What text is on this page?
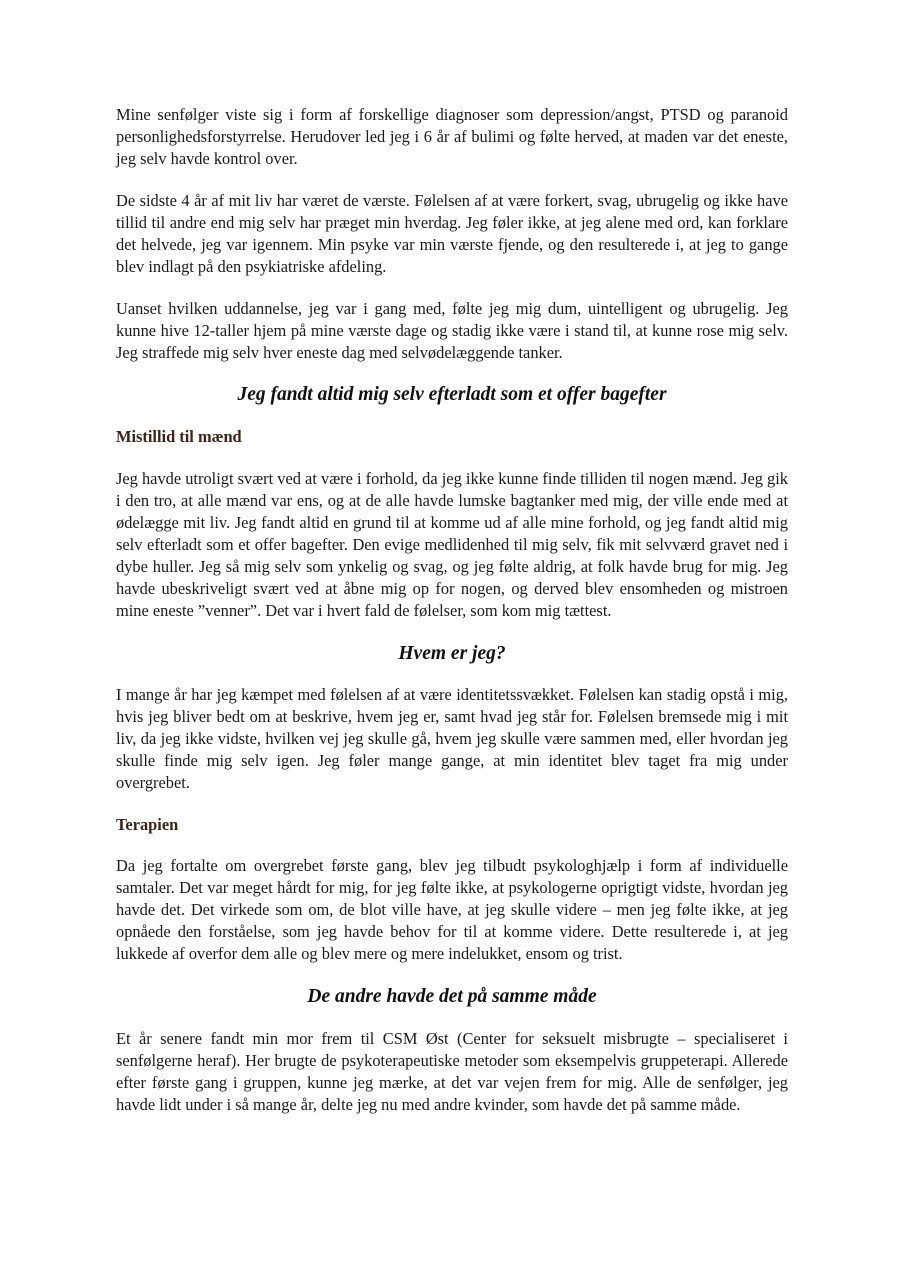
Mine senfølger viste sig i form af forskellige diagnoser som depression/angst, PTSD og paranoid personlighedsforstyrrelse. Herudover led jeg i 6 år af bulimi og følte herved, at maden var det eneste, jeg selv havde kontrol over.

De sidste 4 år af mit liv har været de værste. Følelsen af at være forkert, svag, ubrugelig og ikke have tillid til andre end mig selv har præget min hverdag. Jeg føler ikke, at jeg alene med ord, kan forklare det helvede, jeg var igennem. Min psyke var min værste fjende, og den resulterede i, at jeg to gange blev indlagt på den psykiatriske afdeling.

Uanset hvilken uddannelse, jeg var i gang med, følte jeg mig dum, uintelligent og ubrugelig. Jeg kunne hive 12-taller hjem på mine værste dage og stadig ikke være i stand til, at kunne rose mig selv. Jeg straffede mig selv hver eneste dag med selvødelæggende tanker.

Jeg fandt altid mig selv efterladt som et offer bagefter
Mistillid til mænd

Jeg havde utroligt svært ved at være i forhold, da jeg ikke kunne finde tilliden til nogen mænd. Jeg gik i den tro, at alle mænd var ens, og at de alle havde lumske bagtanker med mig, der ville ende med at ødelægge mit liv. Jeg fandt altid en grund til at komme ud af alle mine forhold, og jeg fandt altid mig selv efterladt som et offer bagefter. Den evige medlidenhed til mig selv, fik mit selvværd gravet ned i dybe huller. Jeg så mig selv som ynkelig og svag, og jeg følte aldrig, at folk havde brug for mig. Jeg havde ubeskriveligt svært ved at åbne mig op for nogen, og derved blev ensomheden og mistroen mine eneste ”venner”. Det var i hvert fald de følelser, som kom mig tættest.

Hvem er jeg?

I mange år har jeg kæmpet med følelsen af at være identitetssvækket. Følelsen kan stadig opstå i mig, hvis jeg bliver bedt om at beskrive, hvem jeg er, samt hvad jeg står for. Følelsen bremsede mig i mit liv, da jeg ikke vidste, hvilken vej jeg skulle gå, hvem jeg skulle være sammen med, eller hvordan jeg skulle finde mig selv igen. Jeg føler mange gange, at min identitet blev taget fra mig under overgrebet.

Terapien

Da jeg fortalte om overgrebet første gang, blev jeg tilbudt psykologhjælp i form af individuelle samtaler. Det var meget hårdt for mig, for jeg følte ikke, at psykologerne oprigtigt vidste, hvordan jeg havde det. Det virkede som om, de blot ville have, at jeg skulle videre – men jeg følte ikke, at jeg opnåede den forståelse, som jeg havde behov for til at komme videre. Dette resulterede i, at jeg lukkede af overfor dem alle og blev mere og mere indelukket, ensom og trist.

De andre havde det på samme måde

Et år senere fandt min mor frem til CSM Øst (Center for seksuelt misbrugte – specialiseret i senfølgerne heraf). Her brugte de psykoterapeutiske metoder som eksempelvis gruppeterapi. Allerede efter første gang i gruppen, kunne jeg mærke, at det var vejen frem for mig. Alle de senfølger, jeg havde lidt under i så mange år, delte jeg nu med andre kvinder, som havde det på samme måde.
